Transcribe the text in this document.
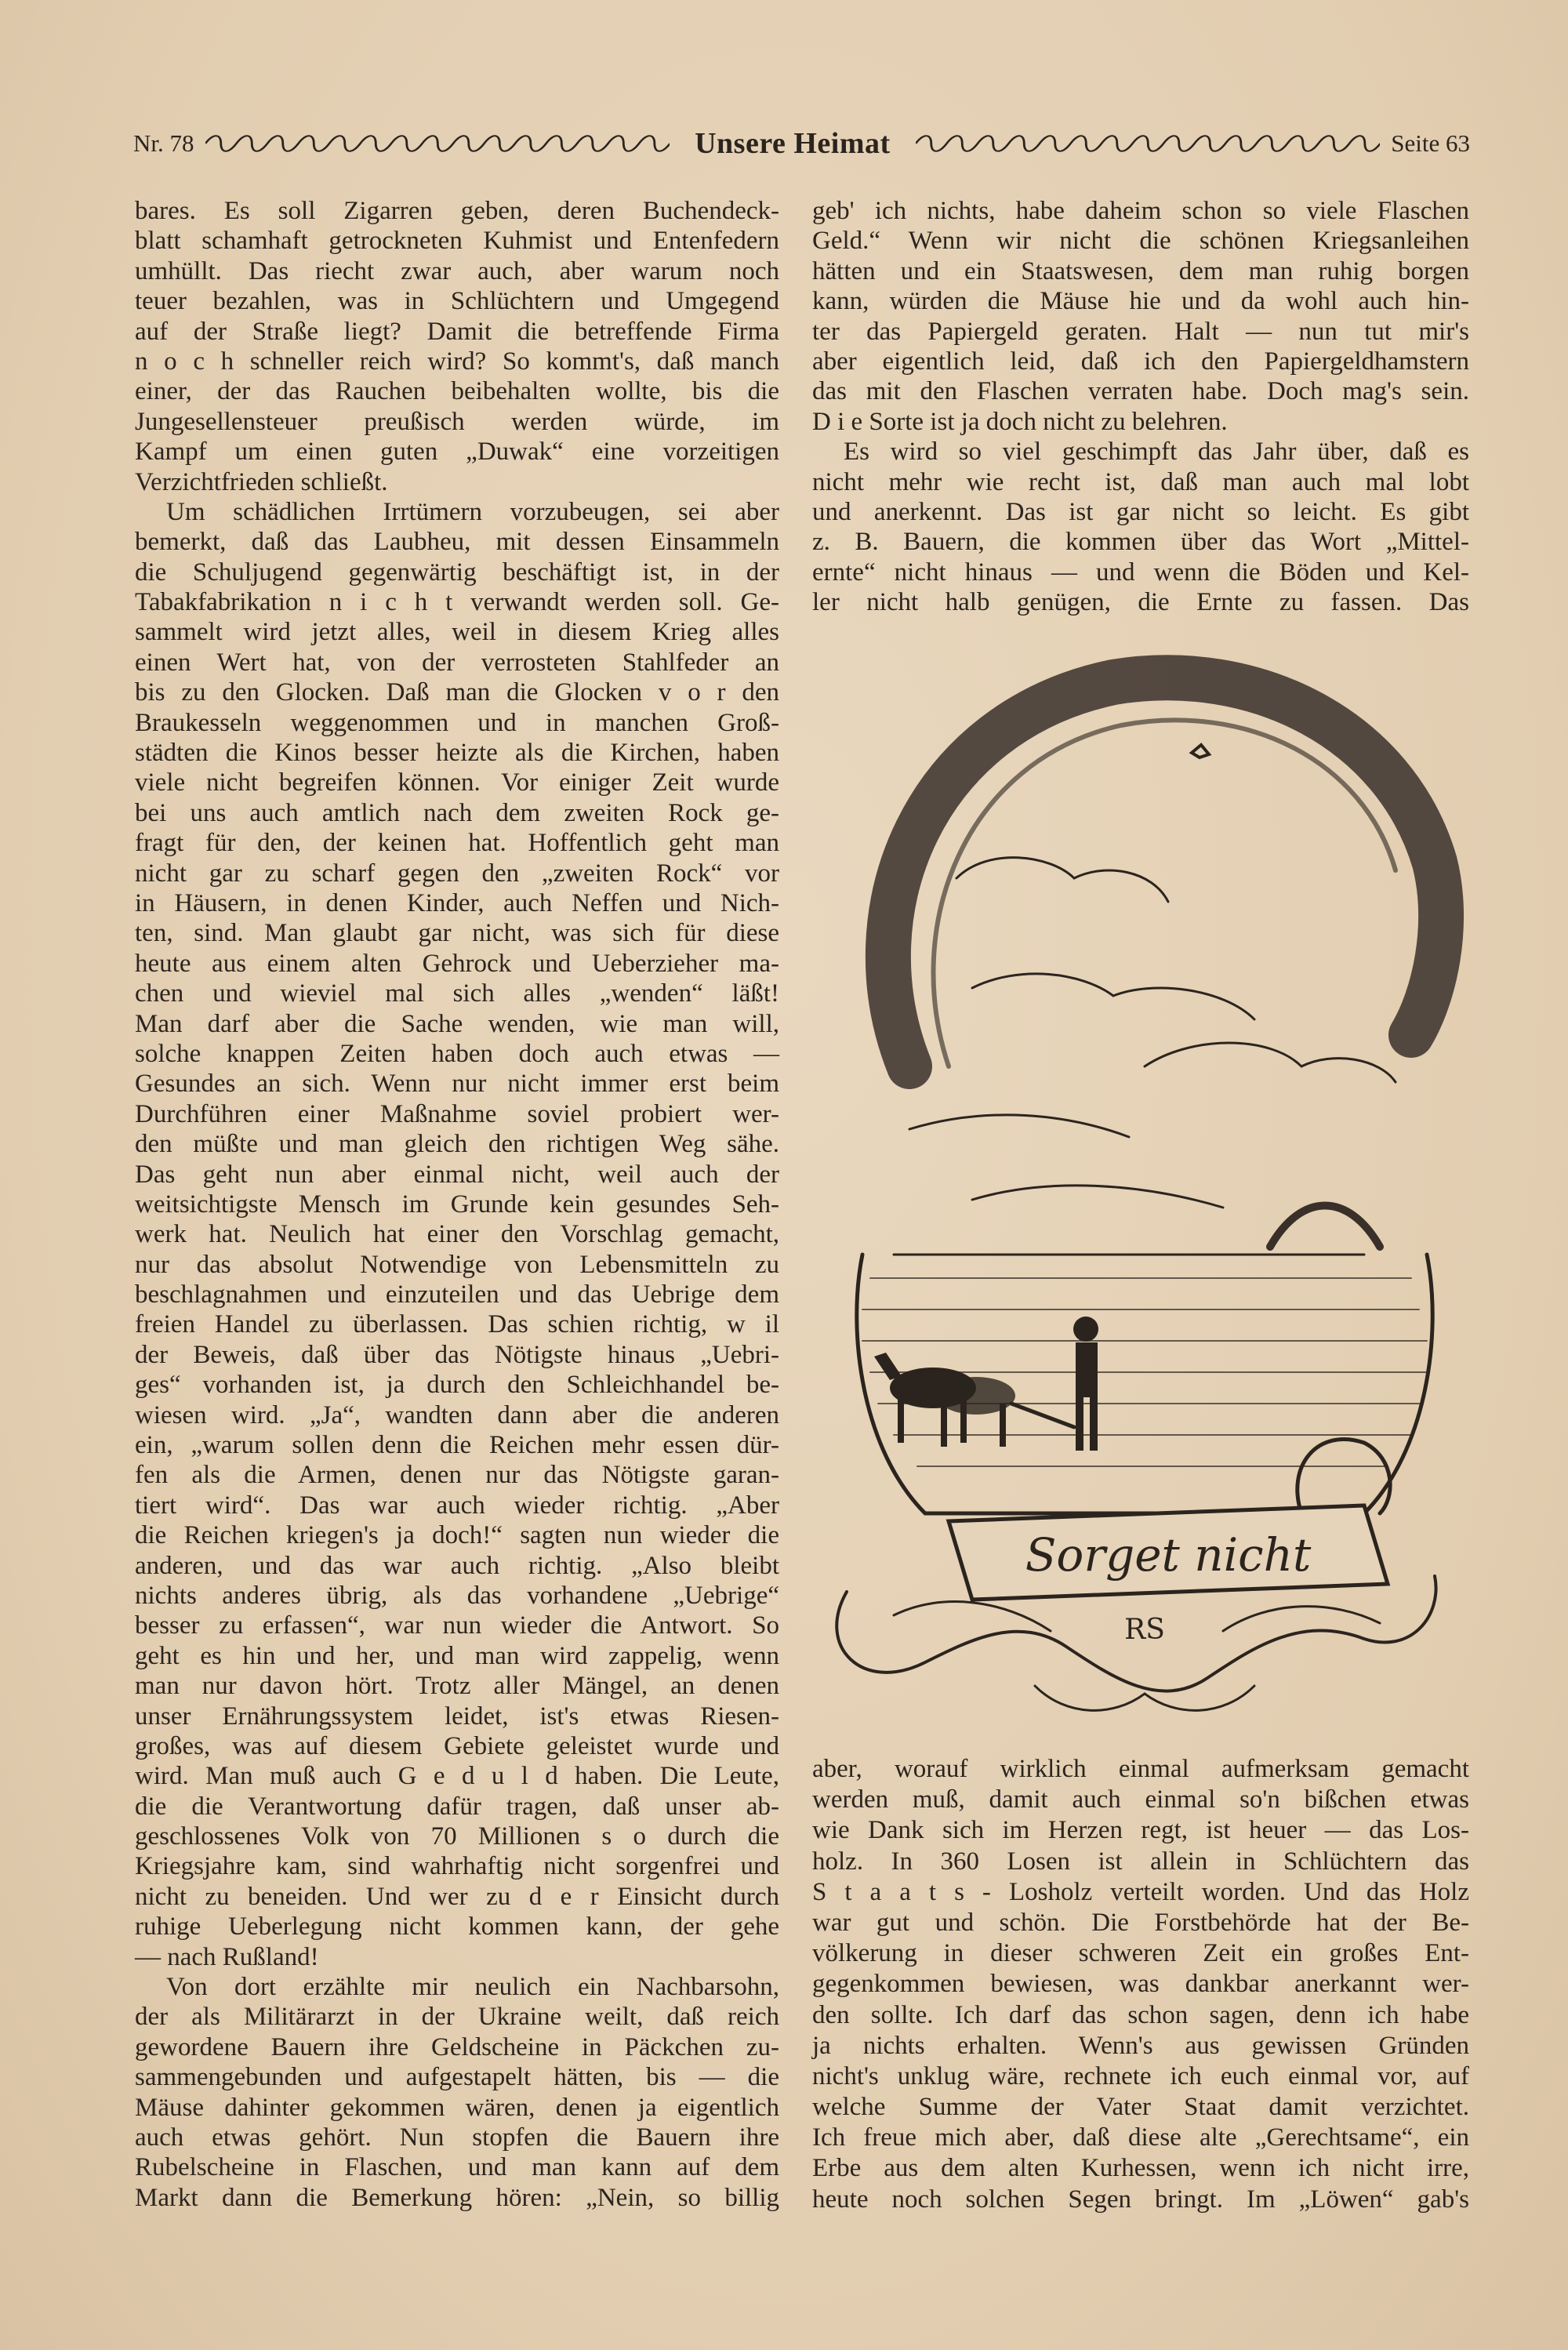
Nr. 78	Unsere Heimat	Seite 63
bares. Es soll Zigarren geben, deren Buchendeck-
blatt schamhaft getrockneten Kuhmist und Entenfedern
umhüllt. Das riecht zwar auch, aber warum noch
teuer bezahlen, was in Schlüchtern und Umgegend
auf der Straße liegt? Damit die betreffende Firma
n o c h schneller reich wird? So kommt's, daß manch
einer, der das Rauchen beibehalten wollte, bis die
Jungesellensteuer preußisch werden würde, im
Kampf um einen guten „Duwak“ eine vorzeitigen
Verzichtfrieden schließt.
Um schädlichen Irrtümern vorzubeugen, sei aber
bemerkt, daß das Laubheu, mit dessen Einsammeln
die Schuljugend gegenwärtig beschäftigt ist, in der
Tabakfabrikation n i c h t verwandt werden soll. Ge-
sammelt wird jetzt alles, weil in diesem Krieg alles
einen Wert hat, von der verrosteten Stahlfeder an
bis zu den Glocken. Daß man die Glocken v o r den
Braukesseln weggenommen und in manchen Groß-
städten die Kinos besser heizte als die Kirchen, haben
viele nicht begreifen können. Vor einiger Zeit wurde
bei uns auch amtlich nach dem zweiten Rock ge-
fragt für den, der keinen hat. Hoffentlich geht man
nicht gar zu scharf gegen den „zweiten Rock“ vor
in Häusern, in denen Kinder, auch Neffen und Nich-
ten, sind. Man glaubt gar nicht, was sich für diese
heute aus einem alten Gehrock und Ueberzieher ma-
chen und wieviel mal sich alles „wenden“ läßt!
Man darf aber die Sache wenden, wie man will,
solche knappen Zeiten haben doch auch etwas —
Gesundes an sich. Wenn nur nicht immer erst beim
Durchführen einer Maßnahme soviel probiert wer-
den müßte und man gleich den richtigen Weg sähe.
Das geht nun aber einmal nicht, weil auch der
weitsichtigste Mensch im Grunde kein gesundes Seh-
werk hat. Neulich hat einer den Vorschlag gemacht,
nur das absolut Notwendige von Lebensmitteln zu
beschlagnahmen und einzuteilen und das Uebrige dem
freien Handel zu überlassen. Das schien richtig, w il
der Beweis, daß über das Nötigste hinaus „Uebri-
ges“ vorhanden ist, ja durch den Schleichhandel be-
wiesen wird. „Ja“, wandten dann aber die anderen
ein, „warum sollen denn die Reichen mehr essen dür-
fen als die Armen, denen nur das Nötigste garan-
tiert wird“. Das war auch wieder richtig. „Aber
die Reichen kriegen's ja doch!“ sagten nun wieder die
anderen, und das war auch richtig. „Also bleibt
nichts anderes übrig, als das vorhandene „Uebrige“
besser zu erfassen“, war nun wieder die Antwort. So
geht es hin und her, und man wird zappelig, wenn
man nur davon hört. Trotz aller Mängel, an denen
unser Ernährungssystem leidet, ist's etwas Riesen-
großes, was auf diesem Gebiete geleistet wurde und
wird. Man muß auch G e d u l d haben. Die Leute,
die die Verantwortung dafür tragen, daß unser ab-
geschlossenes Volk von 70 Millionen s o durch die
Kriegsjahre kam, sind wahrhaftig nicht sorgenfrei und
nicht zu beneiden. Und wer zu d e r Einsicht durch
ruhige Ueberlegung nicht kommen kann, der gehe
— nach Rußland!
Von dort erzählte mir neulich ein Nachbarsohn,
der als Militärarzt in der Ukraine weilt, daß reich
gewordene Bauern ihre Geldscheine in Päckchen zu-
sammengebunden und aufgestapelt hätten, bis — die
Mäuse dahinter gekommen wären, denen ja eigentlich
auch etwas gehört. Nun stopfen die Bauern ihre
Rubelscheine in Flaschen, und man kann auf dem
Markt dann die Bemerkung hören: „Nein, so billig
geb' ich nichts, habe daheim schon so viele Flaschen
Geld.“ Wenn wir nicht die schönen Kriegsanleihen
hätten und ein Staatswesen, dem man ruhig borgen
kann, würden die Mäuse hie und da wohl auch hin-
ter das Papiergeld geraten. Halt — nun tut mir's
aber eigentlich leid, daß ich den Papiergeldhamstern
das mit den Flaschen verraten habe. Doch mag's sein.
D i e Sorte ist ja doch nicht zu belehren.
Es wird so viel geschimpft das Jahr über, daß es
nicht mehr wie recht ist, daß man auch mal lobt
und anerkennt. Das ist gar nicht so leicht. Es gibt
z. B. Bauern, die kommen über das Wort „Mittel-
ernte“ nicht hinaus — und wenn die Böden und Kel-
ler nicht halb genügen, die Ernte zu fassen. Das
Sorget nicht
RS
aber, worauf wirklich einmal aufmerksam gemacht
werden muß, damit auch einmal so'n bißchen etwas
wie Dank sich im Herzen regt, ist heuer — das Los-
holz. In 360 Losen ist allein in Schlüchtern das
S t a a t s - Losholz verteilt worden. Und das Holz
war gut und schön. Die Forstbehörde hat der Be-
völkerung in dieser schweren Zeit ein großes Ent-
gegenkommen bewiesen, was dankbar anerkannt wer-
den sollte. Ich darf das schon sagen, denn ich habe
ja nichts erhalten. Wenn's aus gewissen Gründen
nicht's unklug wäre, rechnete ich euch einmal vor, auf
welche Summe der Vater Staat damit verzichtet.
Ich freue mich aber, daß diese alte „Gerechtsame“, ein
Erbe aus dem alten Kurhessen, wenn ich nicht irre,
heute noch solchen Segen bringt. Im „Löwen“ gab's
